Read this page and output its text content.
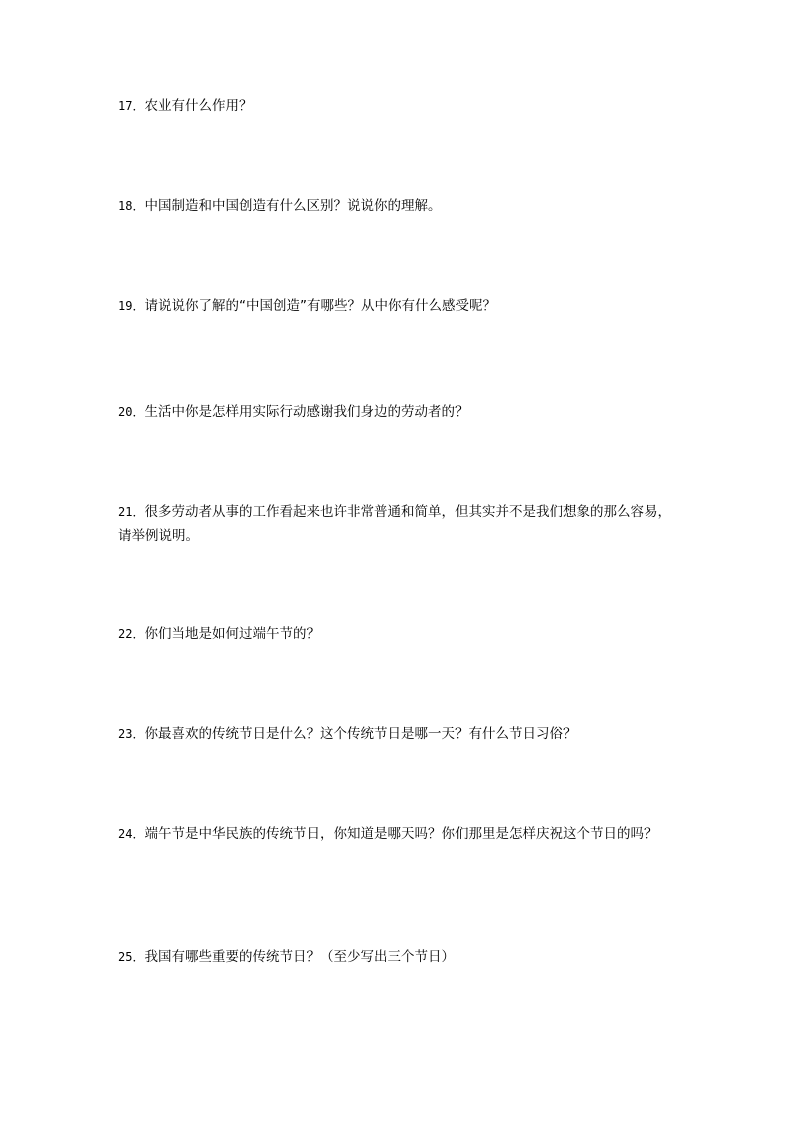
17．农业有什么作用？

18．中国制造和中国创造有什么区别？说说你的理解。

19．请说说你了解的“中国创造”有哪些？从中你有什么感受呢？

20．生活中你是怎样用实际行动感谢我们身边的劳动者的？

21．很多劳动者从事的工作看起来也许非常普通和简单，但其实并不是我们想象的那么容易，请举例说明。

22．你们当地是如何过端午节的？

23．你最喜欢的传统节日是什么？这个传统节日是哪一天？有什么节日习俗？

24．端午节是中华民族的传统节日，你知道是哪天吗？你们那里是怎样庆祝这个节日的吗？

25．我国有哪些重要的传统节日？（至少写出三个节日）
